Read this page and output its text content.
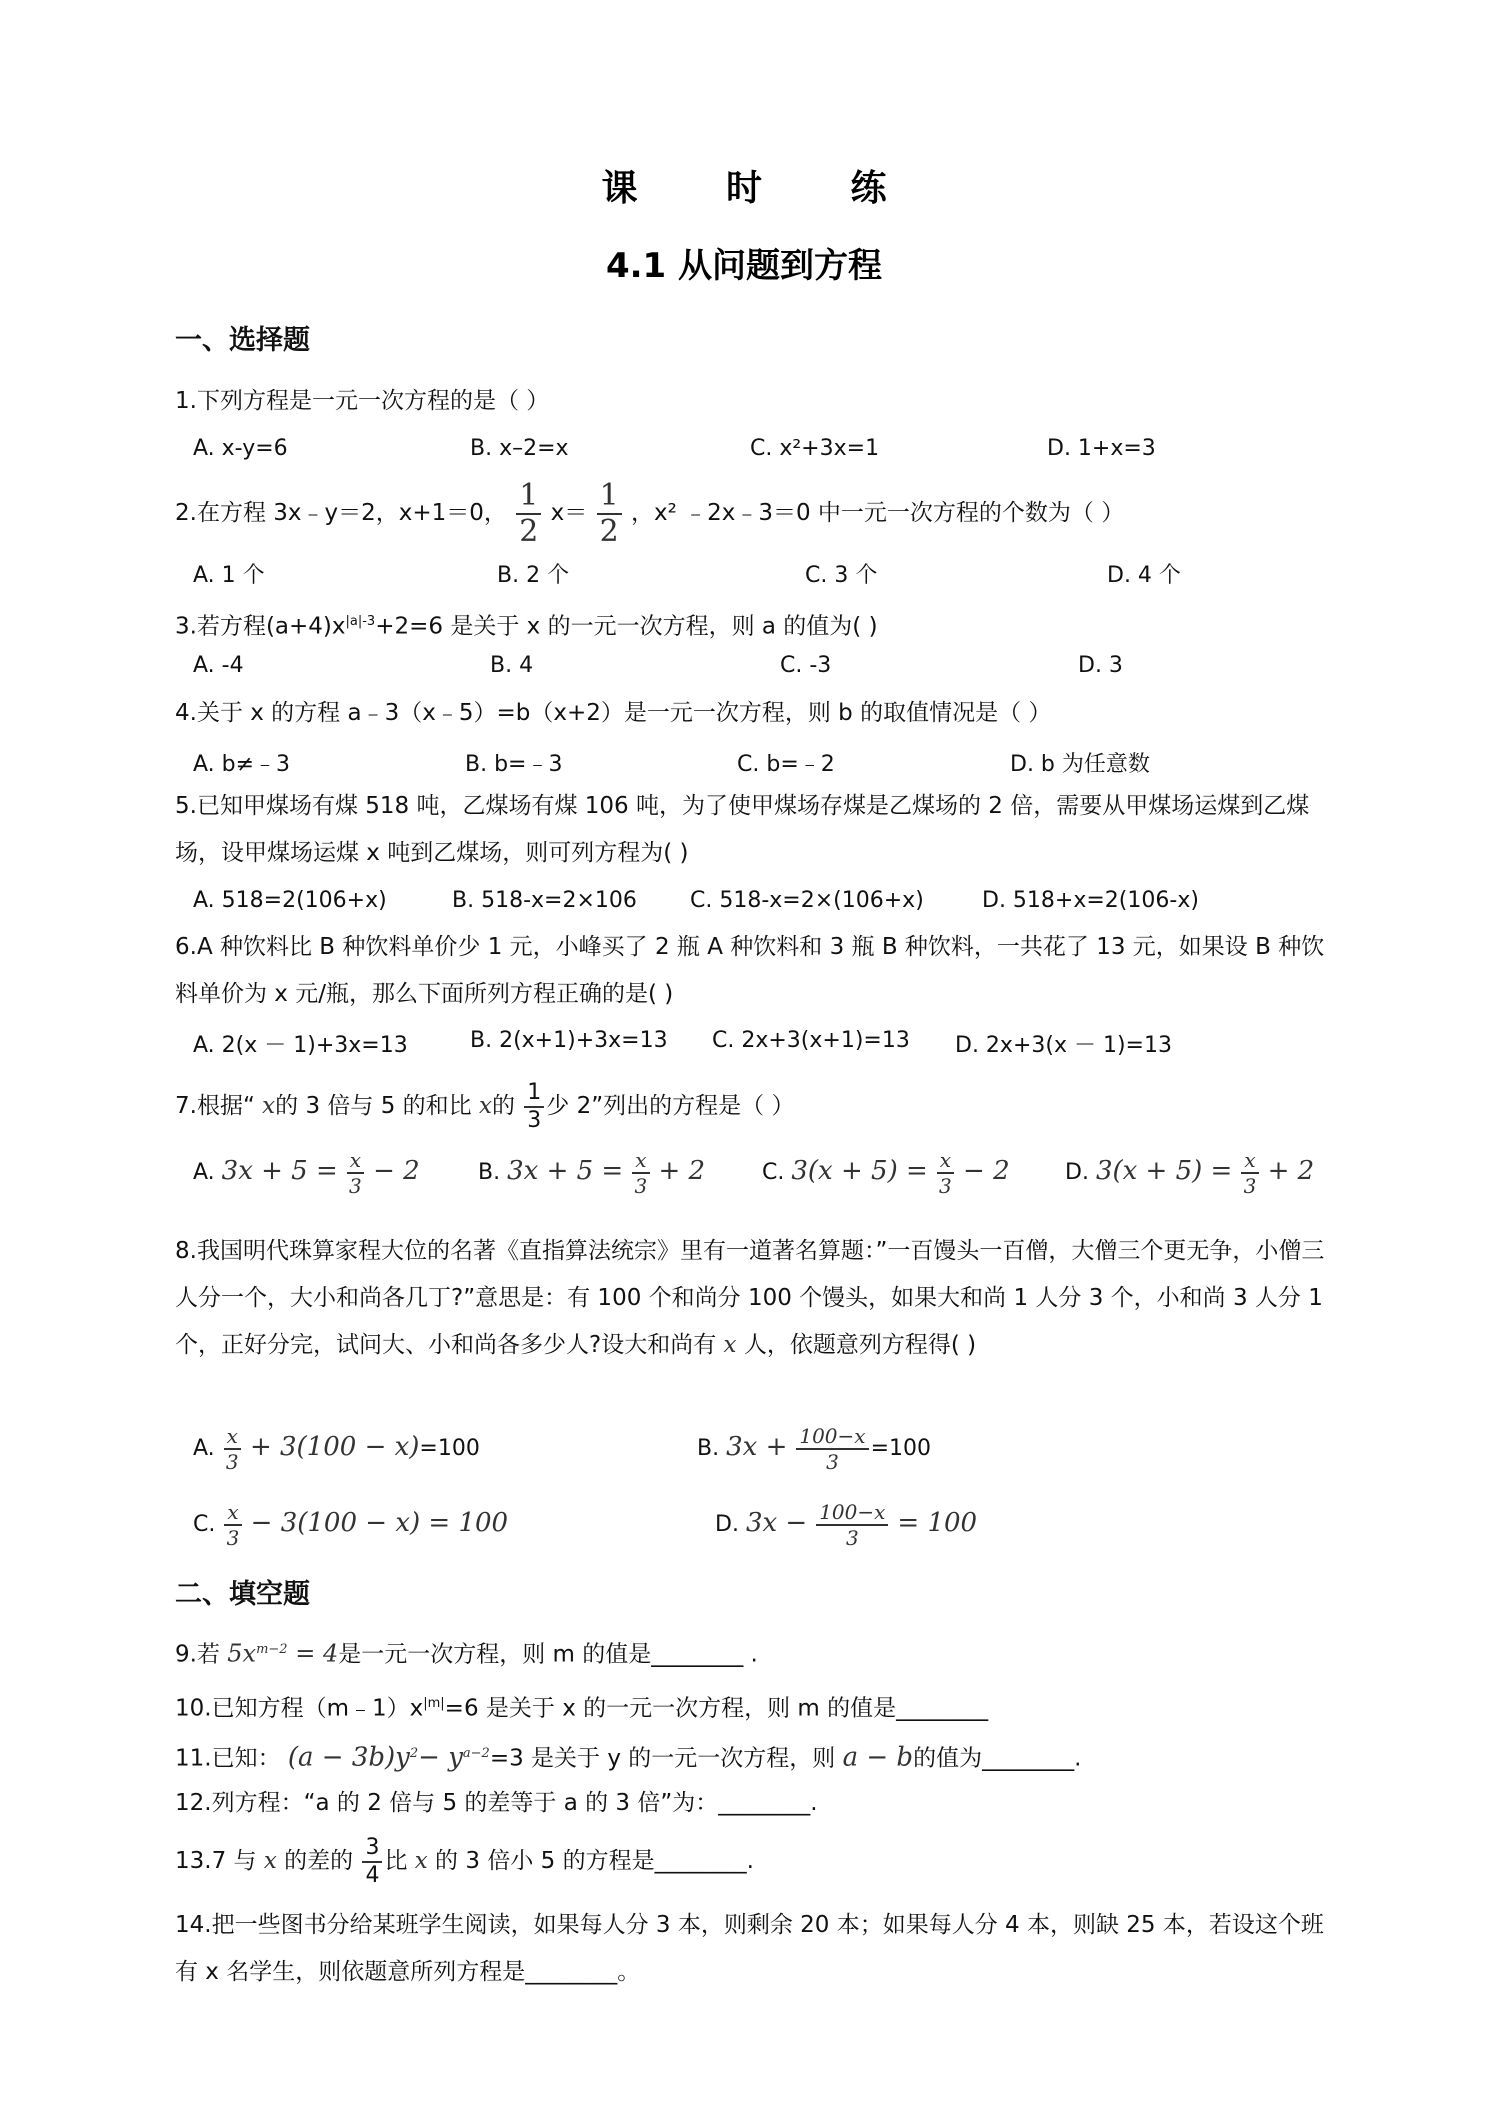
课 时 练
4.1 从问题到方程
一、选择题
1.下列方程是一元一次方程的是（ ）
A. x-y=6	B. x–2=x	C. x²+3x=1	D. 1+x=3
2.在方程 3x﹣y＝2，x+1＝0， $\frac{1}{2} x= \frac{1}{2}$ ，x² ﹣2x﹣3＝0 中一元一次方程的个数为（ ）
A. 1 个	B. 2 个	C. 3 个	D. 4 个
3.若方程$(a+4)x^{|a|-3}+2=6$ 是关于 x 的一元一次方程，则 a 的值为( )
A. -4	B. 4	C. -3	D. 3
4.关于 x 的方程 a﹣3（x﹣5）=b（x+2）是一元一次方程，则 b 的取值情况是（ ）
A. b≠﹣3	B. b=﹣3	C. b=﹣2	D. b 为任意数
5.已知甲煤场有煤 518 吨，乙煤场有煤 106 吨，为了使甲煤场存煤是乙煤场的 2 倍，需要从甲煤场运煤到乙煤场，设甲煤场运煤 x 吨到乙煤场，则可列方程为( )
A. 518=2(106+x)	B. 518-x=2×106 C. 518-x=2×(106+x)	D. 518+x=2(106-x)
6.A 种饮料比 B 种饮料单价少 1 元，小峰买了 2 瓶 A 种饮料和 3 瓶 B 种饮料，一共花了 13 元，如果设 B 种饮料单价为 x 元/瓶，那么下面所列方程正确的是( )
A. 2(x － 1)+3x=13	B. 2(x+1)+3x=13 C. 2x+3(x+1)=13 D. 2x+3(x － 1)=13
7.根据“ x的 3 倍与 5 的和比 x的 $\frac{1}{3}$ 少 2”列出的方程是（ ）
A. $3x + 5 = \frac{x}{3} - 2$	B. $3x + 5 = \frac{x}{3} + 2$	C. $3(x + 5) = \frac{x}{3} - 2$	D. $3(x + 5) = \frac{x}{3} + 2$
8.我国明代珠算家程大位的名著《直指算法统宗》里有一道著名算题：”一百馒头一百僧，大僧三个更无争，小僧三人分一个，大小和尚各几丁?”意思是：有 100 个和尚分 100 个馒头，如果大和尚 1 人分 3 个，小和尚 3 人分 1 个，正好分完，试问大、小和尚各多少人?设大和尚有 x 人，依题意列方程得( )
A. $\frac{x}{3} + 3(100 - x)=100$	B. $3x + \frac{100-x}{3} =100$
C. $\frac{x}{3} - 3(100 - x) = 100$	D. $3x - \frac{100-x}{3} = 100$
二、填空题
9.若 $5x^{m-2} = 4$是一元一次方程，则 m 的值是________ .
10.已知方程$(m﹣1)x^{|m|}=6$ 是关于 x 的一元一次方程，则 m 的值是________
11.已知： $(a - 3b)y^2- y^{a-2}=3$ 是关于 y 的一元一次方程，则 a − b的值为________.
12.列方程：“a 的 2 倍与 5 的差等于 a 的 3 倍”为：________.
13.7 与 x 的差的 $\frac{3}{4}$ 比 x 的 3 倍小 5 的方程是________.
14.把一些图书分给某班学生阅读，如果每人分 3 本，则剩余 20 本；如果每人分 4 本，则缺 25 本，若设这个班有 x 名学生，则依题意所列方程是________。
